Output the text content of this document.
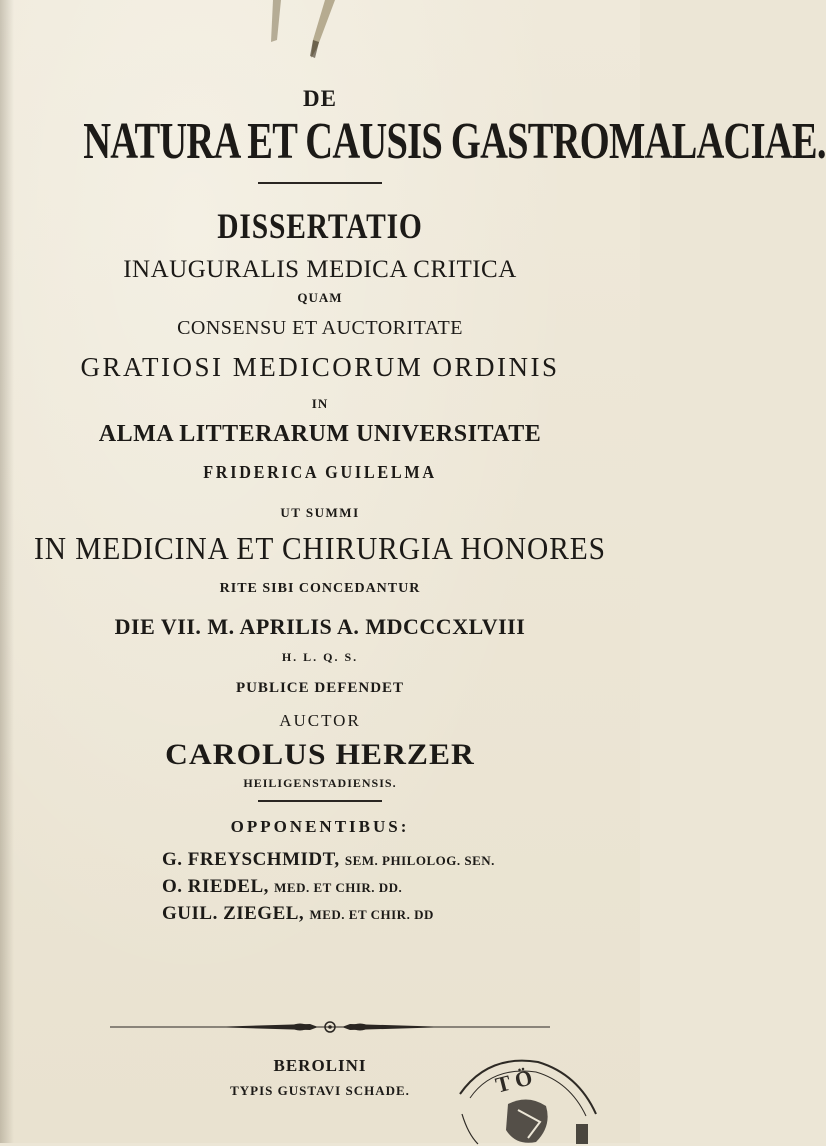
DE
NATURA ET CAUSIS GASTROMALACIAE.
DISSERTATIO
INAUGURALIS MEDICA CRITICA
QUAM
CONSENSU ET AUCTORITATE
GRATIOSI MEDICORUM ORDINIS
IN
ALMA LITTERARUM UNIVERSITATE
FRIDERICA GUILELMA
UT SUMMI
IN MEDICINA ET CHIRURGIA HONORES
RITE SIBI CONCEDANTUR
DIE VII. M. APRILIS A. MDCCCXLVIII
H. L. Q. S.
PUBLICE DEFENDET
AUCTOR
CAROLUS HERZER
HEILIGENSTADIENSIS.
OPPONENTIBUS:
G. FREYSCHMIDT, SEM. PHILOLOG. SEN.
O. RIEDEL, MED. ET CHIR. DD.
GUIL. ZIEGEL, MED. ET CHIR. DD
BEROLINI
TYPIS GUSTAVI SCHADE.	T Ö
